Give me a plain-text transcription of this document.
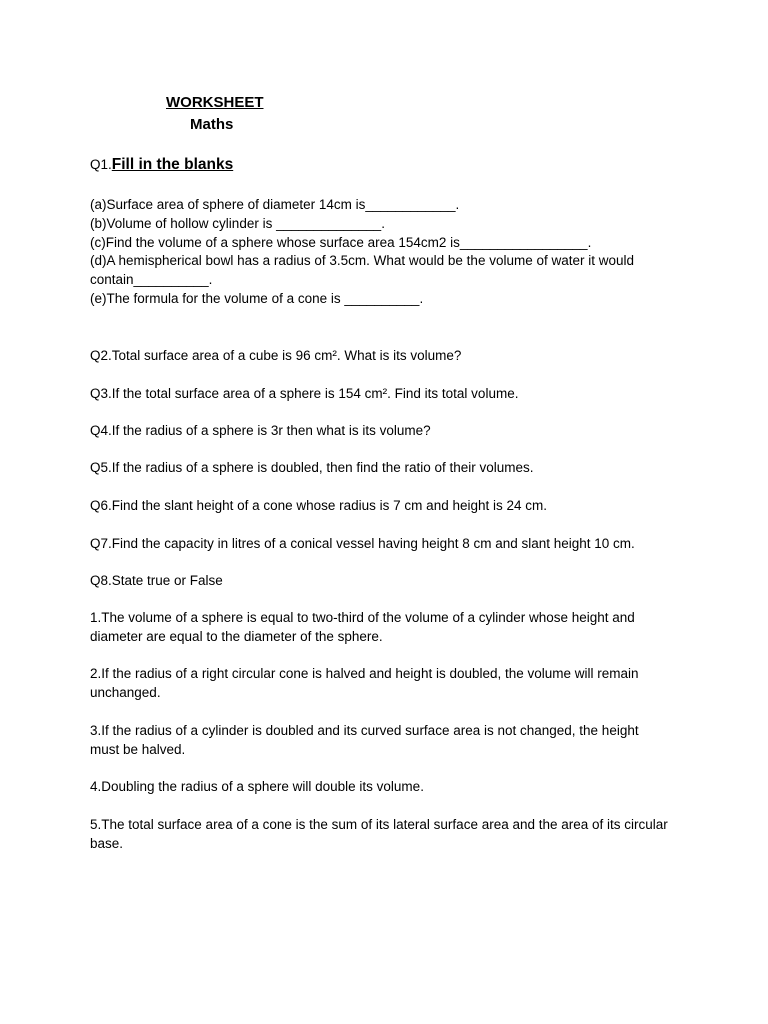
WORKSHEET
Maths
Q1.Fill in the blanks
(a)Surface area of sphere of diameter 14cm is____________.
(b)Volume of hollow cylinder is ______________.
(c)Find the volume of a sphere whose surface area 154cm2 is_________________.
(d)A hemispherical bowl has a radius of 3.5cm. What would be the volume of water it would
contain__________.
(e)The formula for the volume of a cone is __________.
Q2.Total surface area of a cube is 96 cm². What is its volume?
Q3.If the total surface area of a sphere is 154 cm². Find its total volume.
Q4.If the radius of a sphere is 3r then what is its volume?
Q5.If the radius of a sphere is doubled, then find the ratio of their volumes.
Q6.Find the slant height of a cone whose radius is 7 cm and height is 24 cm.
Q7.Find the capacity in litres of a conical vessel having height 8 cm and slant height 10 cm.
Q8.State true or False
1.The volume of a sphere is equal to two-third of the volume of a cylinder whose height and diameter are equal to the diameter of the sphere.
2.If the radius of a right circular cone is halved and height is doubled, the volume will remain unchanged.
3.If the radius of a cylinder is doubled and its curved surface area is not changed, the height must be halved.
4.Doubling the radius of a sphere will double its volume.
5.The total surface area of a cone is the sum of its lateral surface area and the area of its circular base.
